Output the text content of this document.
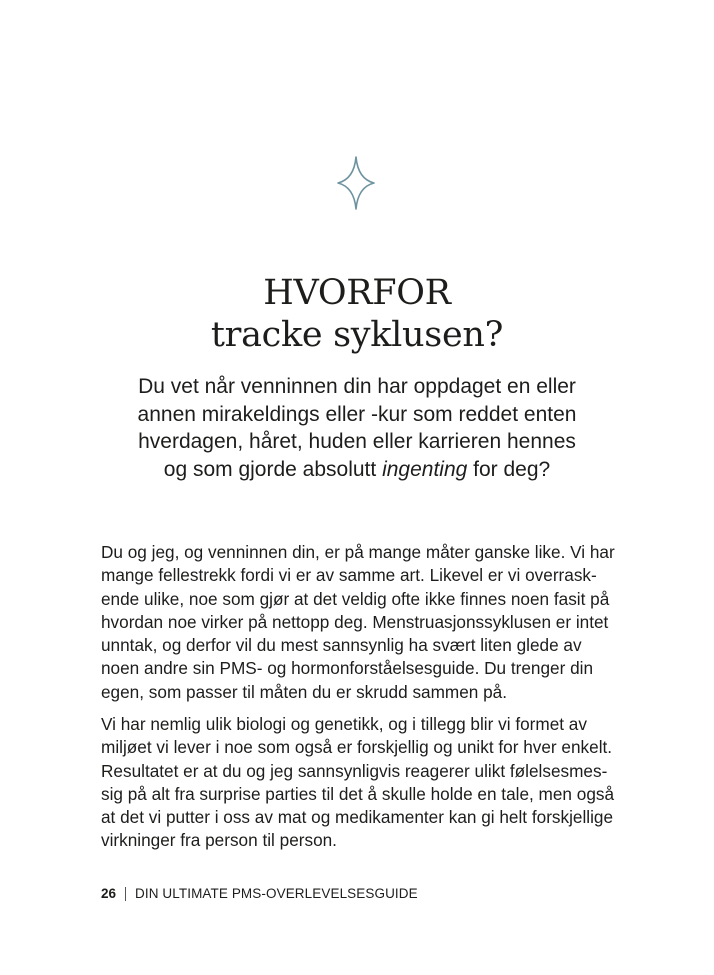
HVORFOR
tracke syklusen?

Du vet når venninnen din har oppdaget en eller
annen mirakeldings eller -kur som reddet enten
hverdagen, håret, huden eller karrieren hennes
og som gjorde absolutt ingenting for deg?

Du og jeg, og venninnen din, er på mange måter ganske like. Vi har
mange fellestrekk fordi vi er av samme art. Likevel er vi overrask-
ende ulike, noe som gjør at det veldig ofte ikke finnes noen fasit på
hvordan noe virker på nettopp deg. Menstruasjonssyklusen er intet
unntak, og derfor vil du mest sannsynlig ha svært liten glede av
noen andre sin PMS- og hormonforståelsesguide. Du trenger din
egen, som passer til måten du er skrudd sammen på.

Vi har nemlig ulik biologi og genetikk, og i tillegg blir vi formet av
miljøet vi lever i noe som også er forskjellig og unikt for hver enkelt.
Resultatet er at du og jeg sannsynligvis reagerer ulikt følelsesmes-
sig på alt fra surprise parties til det å skulle holde en tale, men også
at det vi putter i oss av mat og medikamenter kan gi helt forskjellige
virkninger fra person til person.

26 DIN ULTIMATE PMS-OVERLEVELSESGUIDE
